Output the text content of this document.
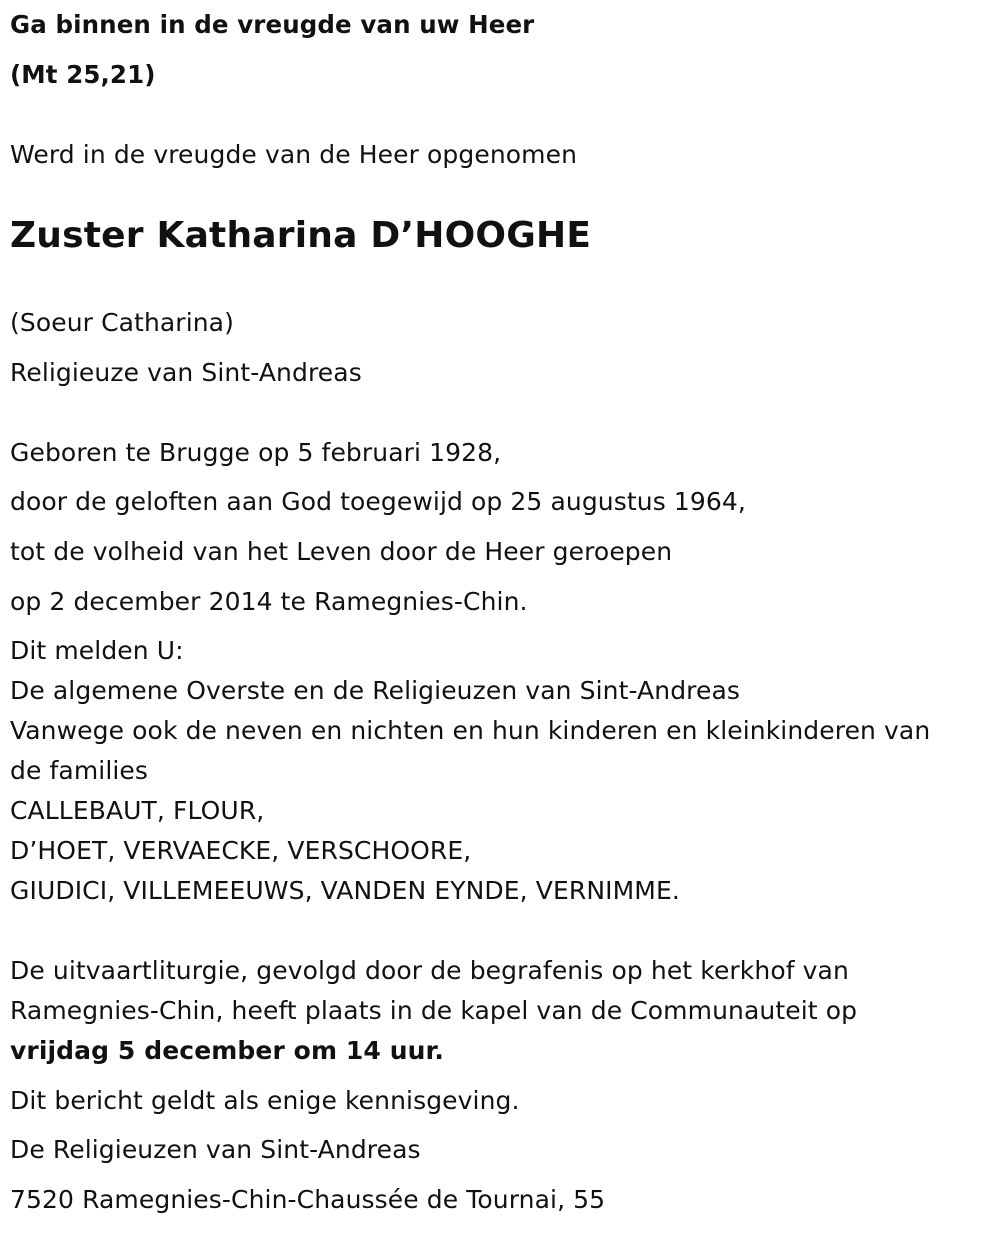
Ga binnen in de vreugde van uw Heer
(Mt 25,21)
Werd in de vreugde van de Heer opgenomen
Zuster Katharina D’HOOGHE
(Soeur Catharina)
Religieuze van Sint-Andreas
Geboren te Brugge op 5 februari 1928,
door de geloften aan God toegewijd op 25 augustus 1964,
tot de volheid van het Leven door de Heer geroepen
op 2 december 2014 te Ramegnies-Chin.
Dit melden U:
De algemene Overste en de Religieuzen van Sint-Andreas
Vanwege ook de neven en nichten en hun kinderen en kleinkinderen van
de families
CALLEBAUT, FLOUR,
D’HOET, VERVAECKE, VERSCHOORE,
GIUDICI, VILLEMEEUWS, VANDEN EYNDE, VERNIMME.
De uitvaartliturgie, gevolgd door de begrafenis op het kerkhof van
Ramegnies-Chin, heeft plaats in de kapel van de Communauteit op
vrijdag 5 december om 14 uur.
Dit bericht geldt als enige kennisgeving.
De Religieuzen van Sint-Andreas
7520 Ramegnies-Chin-Chaussée de Tournai, 55
